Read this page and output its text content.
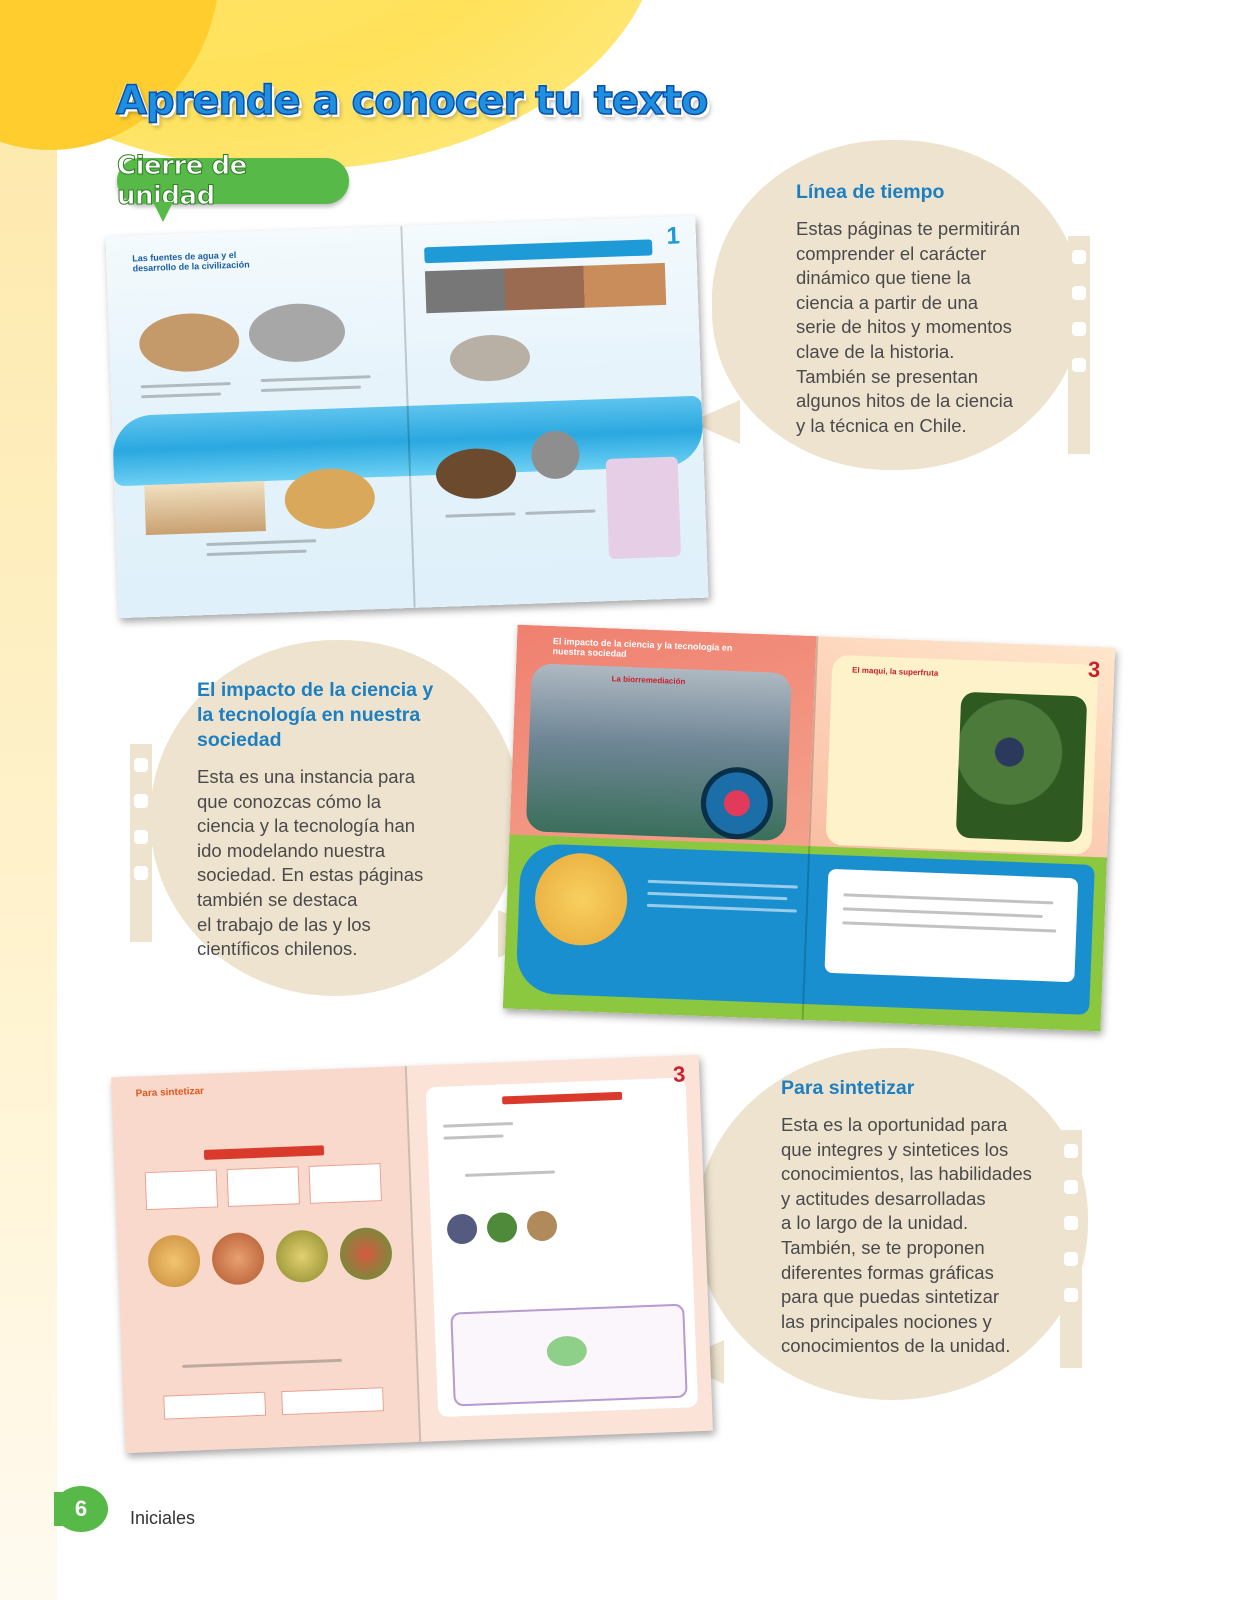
Aprende a conocer tu texto
Cierre de unidad	Línea de tiempo

Estas páginas te permitirán
comprender el carácter
dinámico que tiene la
ciencia a partir de una
serie de hitos y momentos
clave de la historia.
También se presentan
algunos hitos de la ciencia
y la técnica en Chile.

Las fuentes de agua y el desarrollo de la civilización
1

El impacto de la ciencia y
la tecnología en nuestra
sociedad

Esta es una instancia para
que conozcas cómo la
ciencia y la tecnología han
ido modelando nuestra
sociedad. En estas páginas
también se destaca
el trabajo de las y los
científicos chilenos.

El impacto de la ciencia y la tecnología en nuestra sociedad
La biorremediación
El maqui, la superfruta	3

Para sintetizar

Esta es la oportunidad para
que integres y sintetices los
conocimientos, las habilidades
y actitudes desarrolladas
a lo largo de la unidad.
También, se te proponen
diferentes formas gráficas
para que puedas sintetizar
las principales nociones y
conocimientos de la unidad.

Para sintetizar
3
6 Iniciales
